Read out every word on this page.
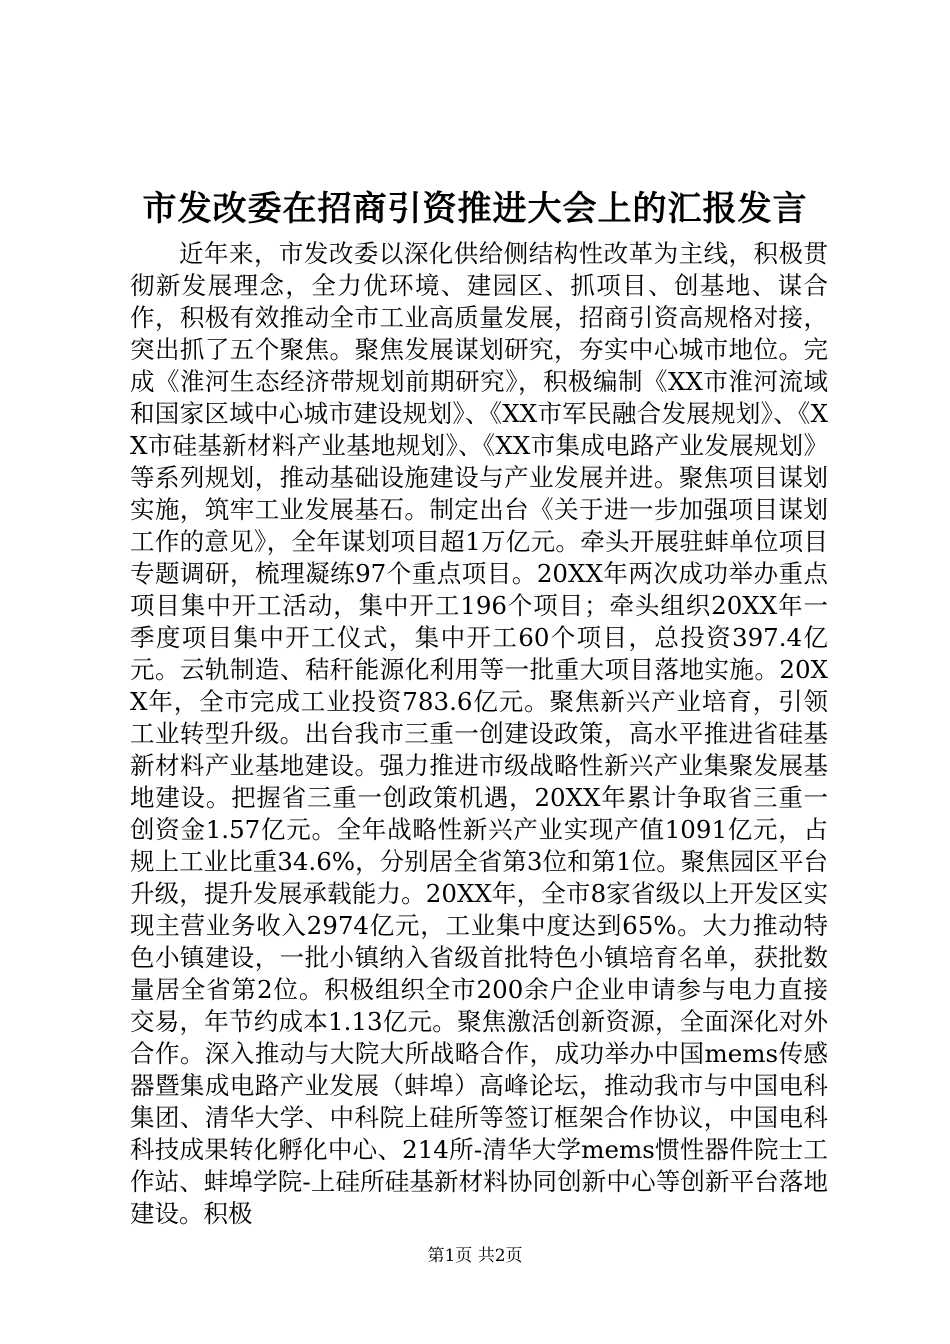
市发改委在招商引资推进大会上的汇报发言

近年来，市发改委以深化供给侧结构性改革为主线，积极贯彻新发展理念，全力优环境、建园区、抓项目、创基地、谋合作，积极有效推动全市工业高质量发展，招商引资高规格对接，突出抓了五个聚焦。聚焦发展谋划研究，夯实中心城市地位。完成《淮河生态经济带规划前期研究》，积极编制《XX市淮河流域和国家区域中心城市建设规划》、《XX市军民融合发展规划》、《XX市硅基新材料产业基地规划》、《XX市集成电路产业发展规划》等系列规划，推动基础设施建设与产业发展并进。聚焦项目谋划实施，筑牢工业发展基石。制定出台《关于进一步加强项目谋划工作的意见》，全年谋划项目超1万亿元。牵头开展驻蚌单位项目专题调研，梳理凝练97个重点项目。20XX年两次成功举办重点项目集中开工活动，集中开工196个项目；牵头组织20XX年一季度项目集中开工仪式，集中开工60个项目，总投资397.4亿元。云轨制造、秸秆能源化利用等一批重大项目落地实施。20XX年，全市完成工业投资783.6亿元。聚焦新兴产业培育，引领工业转型升级。出台我市三重一创建设政策，高水平推进省硅基新材料产业基地建设。强力推进市级战略性新兴产业集聚发展基地建设。把握省三重一创政策机遇，20XX年累计争取省三重一创资金1.57亿元。全年战略性新兴产业实现产值1091亿元，占规上工业比重34.6%，分别居全省第3位和第1位。聚焦园区平台升级，提升发展承载能力。20XX年，全市8家省级以上开发区实现主营业务收入2974亿元，工业集中度达到65%。大力推动特色小镇建设，一批小镇纳入省级首批特色小镇培育名单，获批数量居全省第2位。积极组织全市200余户企业申请参与电力直接交易，年节约成本1.13亿元。聚焦激活创新资源，全面深化对外合作。深入推动与大院大所战略合作，成功举办中国mems传感器暨集成电路产业发展（蚌埠）高峰论坛，推动我市与中国电科集团、清华大学、中科院上硅所等签订框架合作协议，中国电科科技成果转化孵化中心、214所-清华大学mems惯性器件院士工作站、蚌埠学院-上硅所硅基新材料协同创新中心等创新平台落地建设。积极

第1页 共2页
